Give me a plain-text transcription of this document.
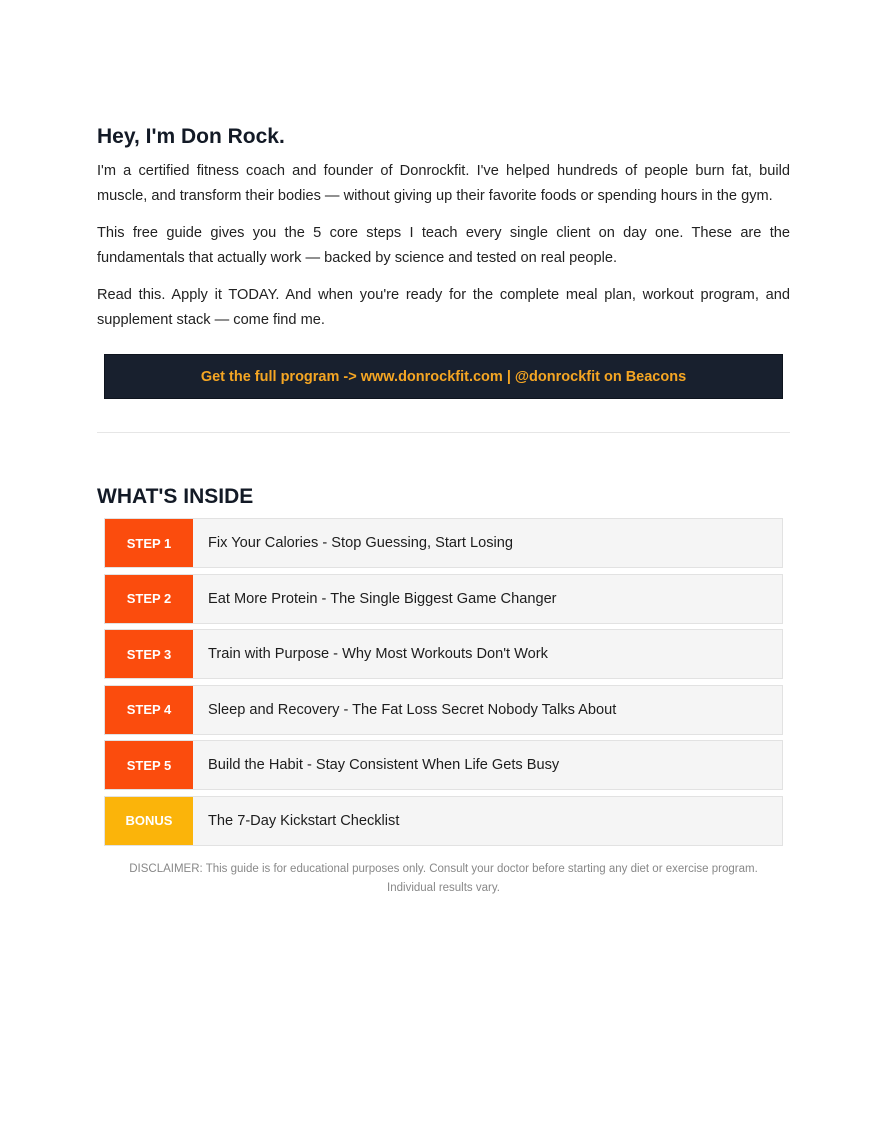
Hey, I'm Don Rock.

I'm a certified fitness coach and founder of Donrockfit. I've helped hundreds of people burn fat, build muscle, and transform their bodies — without giving up their favorite foods or spending hours in the gym.

This free guide gives you the 5 core steps I teach every single client on day one. These are the fundamentals that actually work — backed by science and tested on real people.

Read this. Apply it TODAY. And when you're ready for the complete meal plan, workout program, and supplement stack — come find me.

Get the full program -> www.donrockfit.com | @donrockfit on Beacons
WHAT'S INSIDE
STEP 1	Fix Your Calories - Stop Guessing, Start Losing
STEP 2	Eat More Protein - The Single Biggest Game Changer
STEP 3	Train with Purpose - Why Most Workouts Don't Work
STEP 4	Sleep and Recovery - The Fat Loss Secret Nobody Talks About
STEP 5	Build the Habit - Stay Consistent When Life Gets Busy
BONUS	The 7-Day Kickstart Checklist
DISCLAIMER: This guide is for educational purposes only. Consult your doctor before starting any diet or exercise program.
Individual results vary.
